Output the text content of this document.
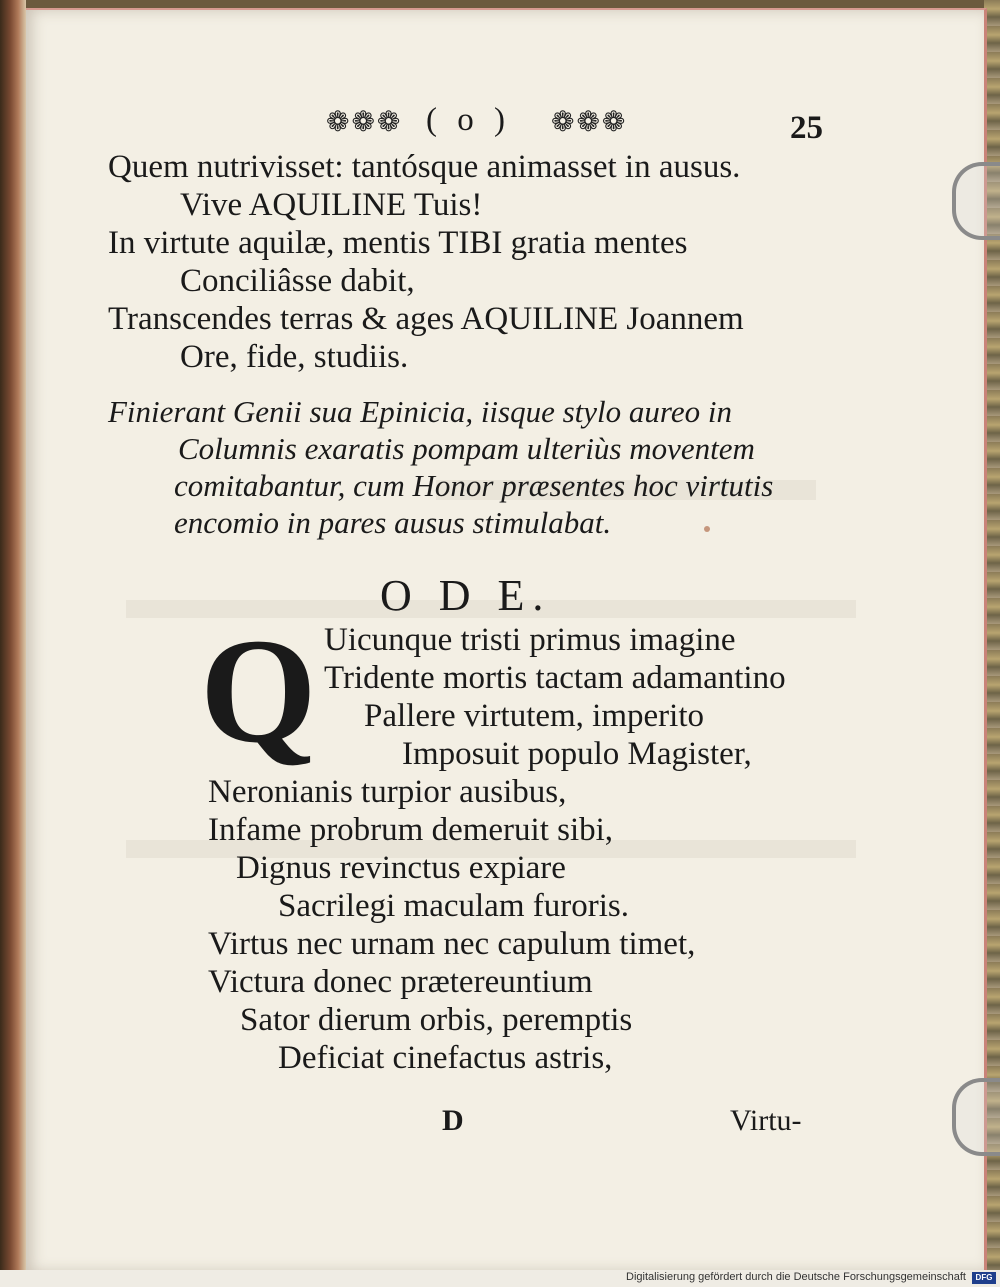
❁❁❁ ( o ) ❁❁❁	25
Quem nutrivisset: tantósque animasset in ausus.
Vive AQUILINE Tuis!
In virtute aquilæ, mentis TIBI gratia mentes
Conciliâsse dabit,
Transcendes terras & ages AQUILINE Joannem
Ore, fide, studiis.
Finierant Genii sua Epinicia, iisque stylo aureo in
Columnis exaratis pompam ulteriùs moventem
comitabantur, cum Honor præsentes hoc virtutis
encomio in pares ausus stimulabat.
O D E.
Q Uicunque tristi primus imagine
Tridente mortis tactam adamantino
Pallere virtutem, imperito
Imposuit populo Magister,
Neronianis turpior ausibus,
Infame probrum demeruit sibi,
Dignus revinctus expiare
Sacrilegi maculam furoris.
Virtus nec urnam nec capulum timet,
Victura donec prætereuntium
Sator dierum orbis, peremptis
Deficiat cinefactus astris,
D	Virtu-
Digitalisierung gefördert durch die Deutsche Forschungsgemeinschaft	DFG
